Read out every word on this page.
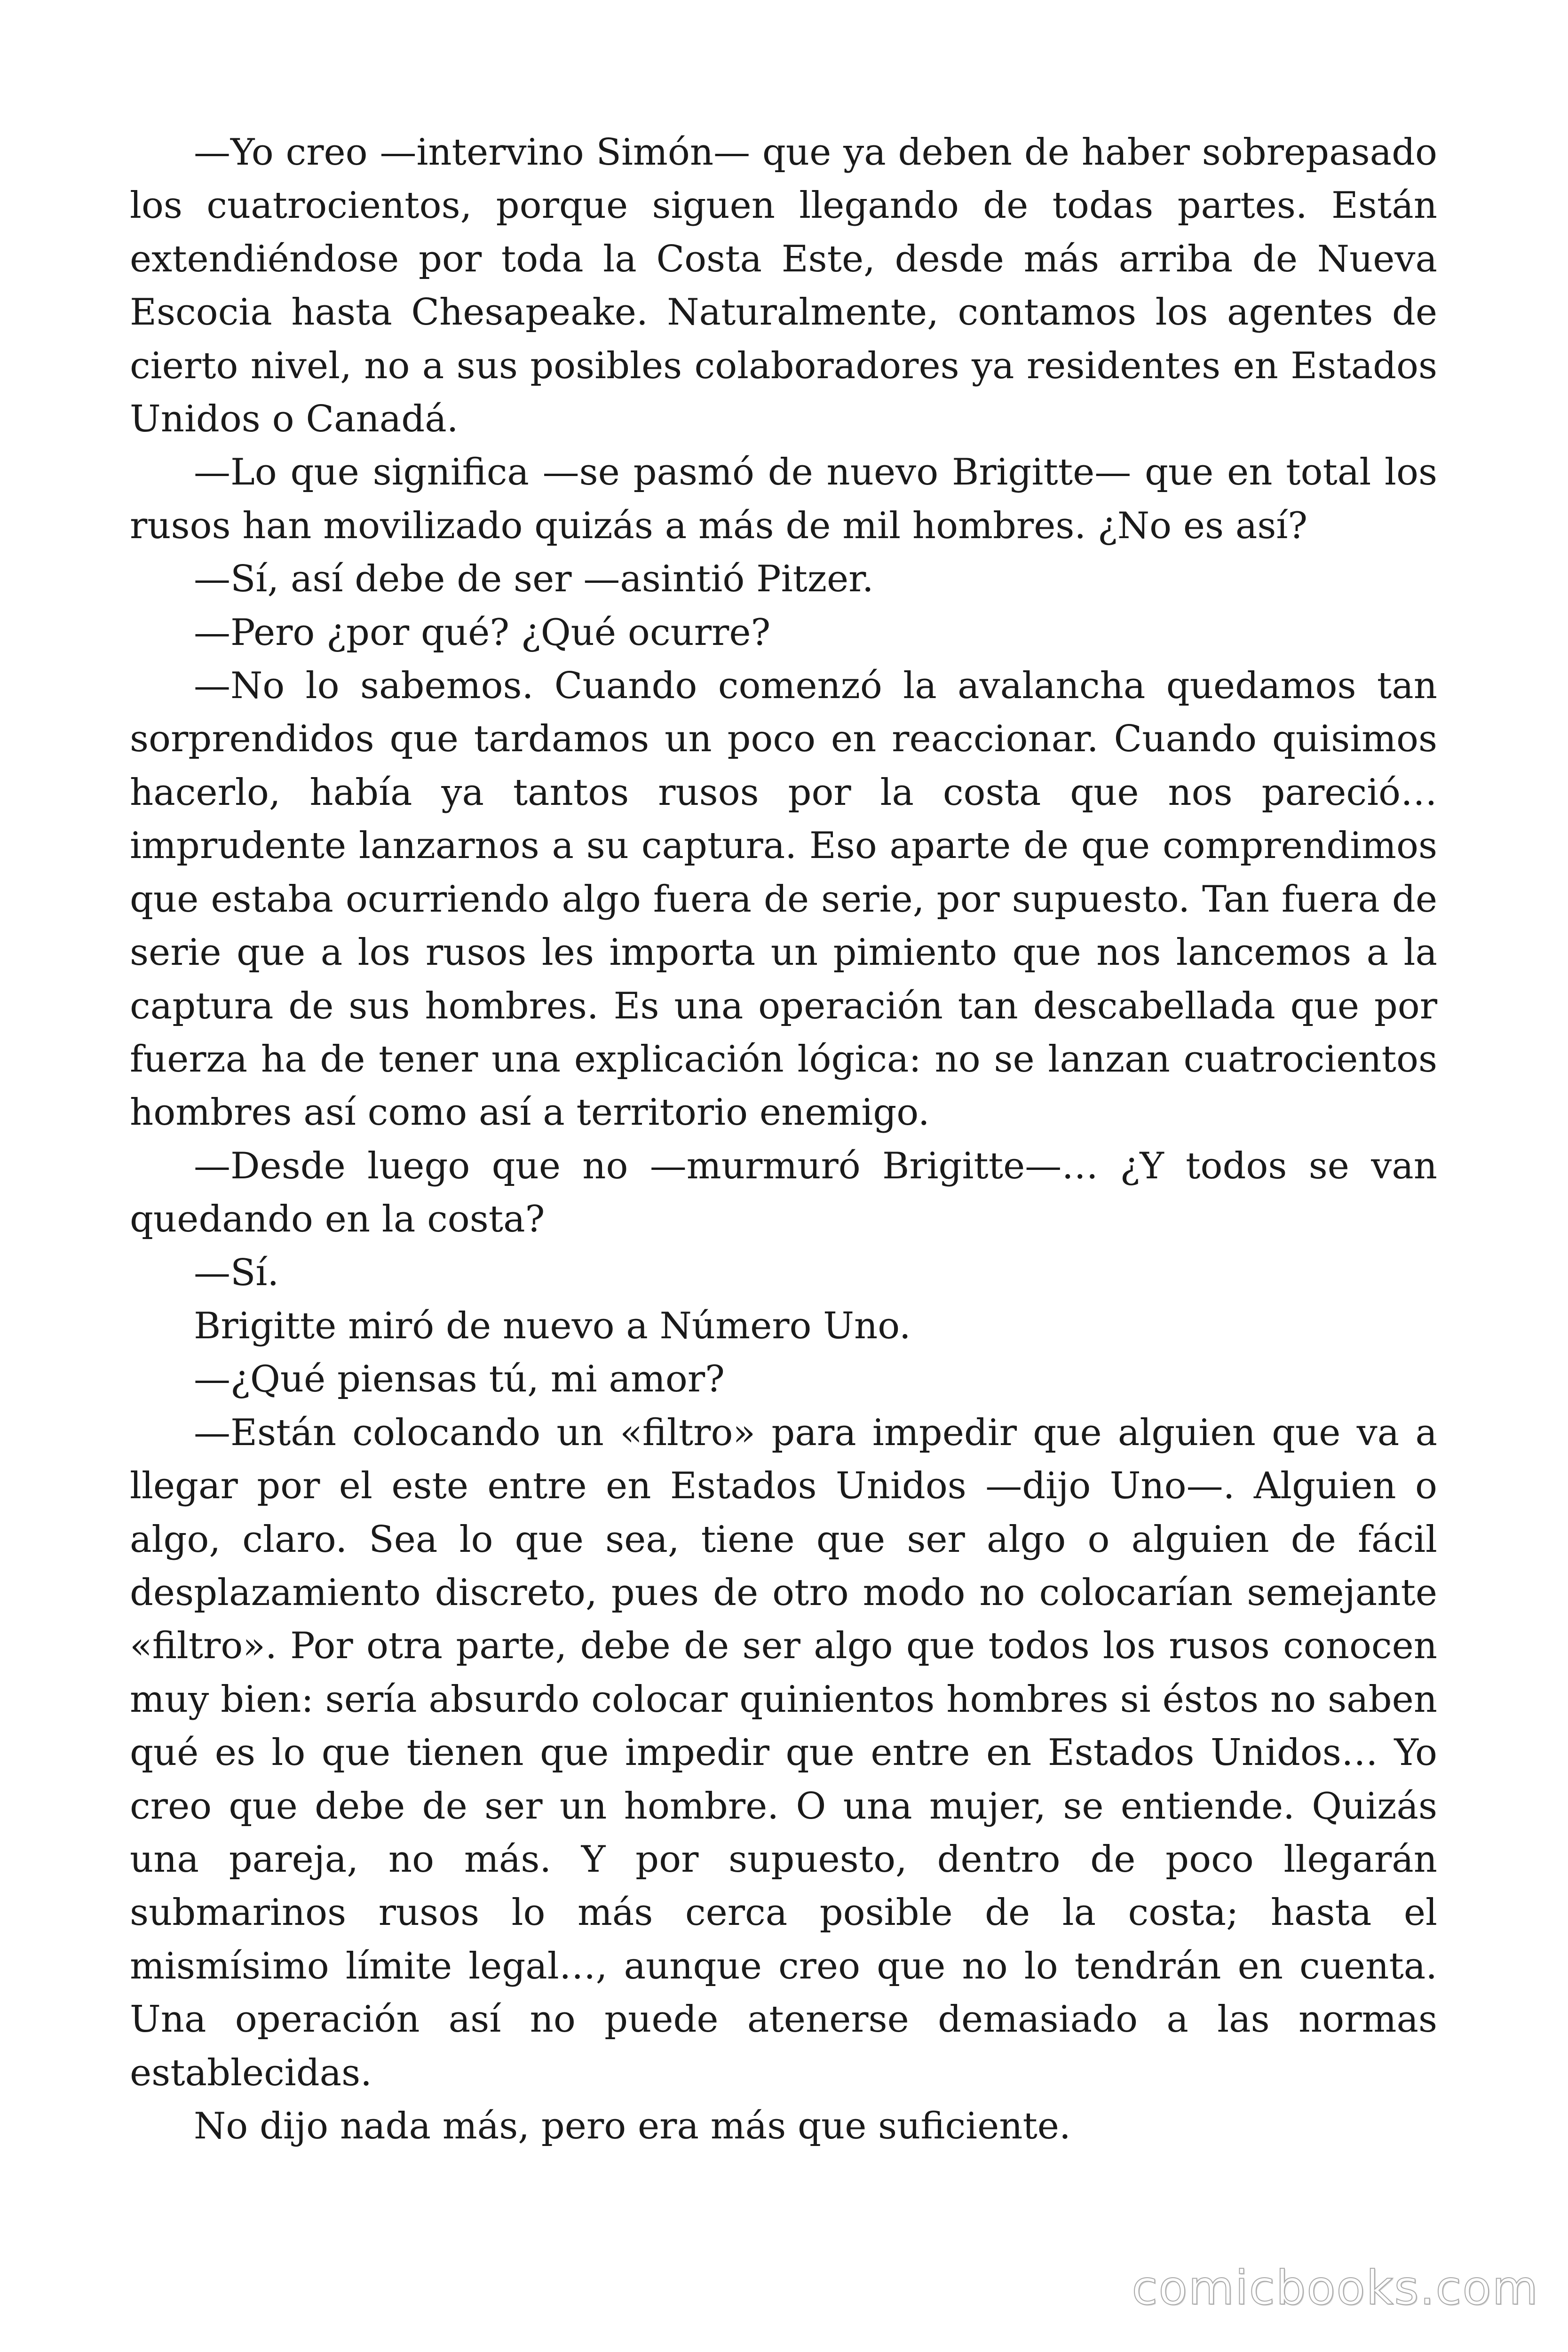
—Yo creo —intervino Simón— que ya deben de haber sobrepasado los cuatrocientos, porque siguen llegando de todas partes. Están extendiéndose por toda la Costa Este, desde más arriba de Nueva Escocia hasta Chesapeake. Naturalmente, contamos los agentes de cierto nivel, no a sus posibles colaboradores ya residentes en Estados Unidos o Canadá.

—Lo que significa —se pasmó de nuevo Brigitte— que en total los rusos han movilizado quizás a más de mil hombres. ¿No es así?

—Sí, así debe de ser —asintió Pitzer.

—Pero ¿por qué? ¿Qué ocurre?

—No lo sabemos. Cuando comenzó la avalancha quedamos tan sorprendidos que tardamos un poco en reaccionar. Cuando quisimos hacerlo, había ya tantos rusos por la costa que nos pareció… imprudente lanzarnos a su captura. Eso aparte de que comprendimos que estaba ocurriendo algo fuera de serie, por supuesto. Tan fuera de serie que a los rusos les importa un pimiento que nos lancemos a la captura de sus hombres. Es una operación tan descabellada que por fuerza ha de tener una explicación lógica: no se lanzan cuatrocientos hombres así como así a territorio enemigo.

—Desde luego que no —murmuró Brigitte—… ¿Y todos se van quedando en la costa?

—Sí.

Brigitte miró de nuevo a Número Uno.

—¿Qué piensas tú, mi amor?

—Están colocando un «filtro» para impedir que alguien que va a llegar por el este entre en Estados Unidos —dijo Uno—. Alguien o algo, claro. Sea lo que sea, tiene que ser algo o alguien de fácil desplazamiento discreto, pues de otro modo no colocarían semejante «filtro». Por otra parte, debe de ser algo que todos los rusos conocen muy bien: sería absurdo colocar quinientos hombres si éstos no saben qué es lo que tienen que impedir que entre en Estados Unidos… Yo creo que debe de ser un hombre. O una mujer, se entiende. Quizás una pareja, no más. Y por supuesto, dentro de poco llegarán submarinos rusos lo más cerca posible de la costa; hasta el mismísimo límite legal…, aunque creo que no lo tendrán en cuenta. Una operación así no puede atenerse demasiado a las normas establecidas.

No dijo nada más, pero era más que suficiente.

comicbooks.com
